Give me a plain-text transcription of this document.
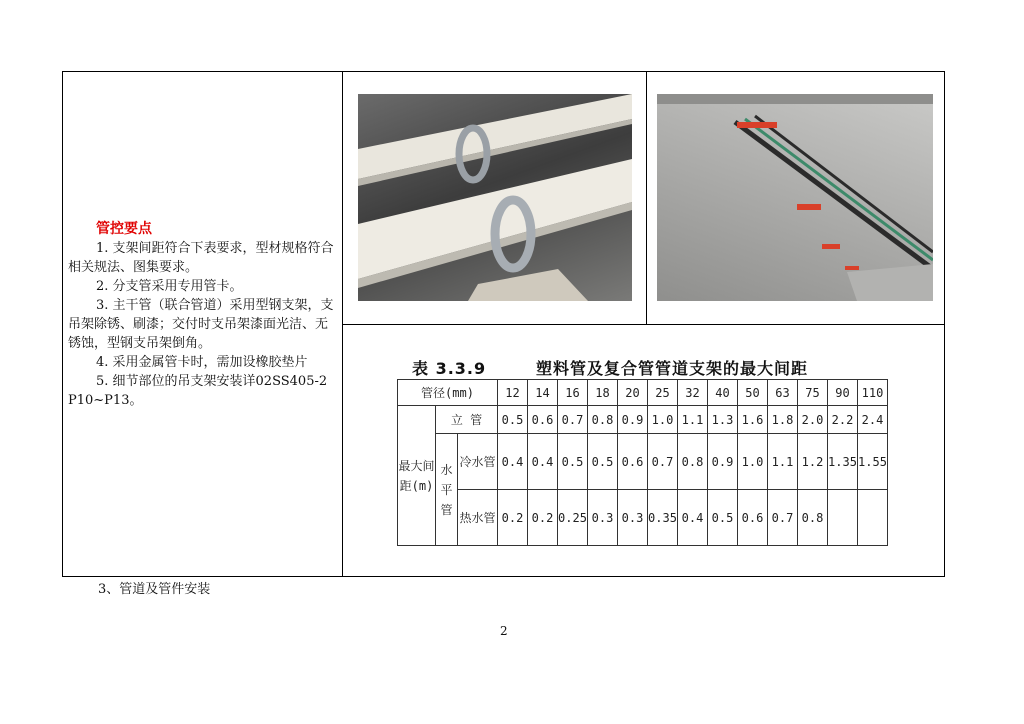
管控要点

1. 支架间距符合下表要求，型材规格符合相关规法、图集要求。

2. 分支管采用专用管卡。

3. 主干管（联合管道）采用型钢支架，支吊架除锈、刷漆；交付时支吊架漆面光洁、无锈蚀，型钢支吊架倒角。

4. 采用金属管卡时，需加设橡胶垫片

5. 细节部位的吊支架安装详02SS405-2 P10~P13。

表 3.3.9	塑料管及复合管管道支架的最大间距
管径(mm)			12	14	16	18	20	25	32	40	50	63	75	90	110
最大间距(m)	立 管		0.5	0.6	0.7	0.8	0.9	1.0	1.1	1.3	1.6	1.8	2.0	2.2	2.4
	水平管	冷水管	0.4	0.4	0.5	0.5	0.6	0.7	0.8	0.9	1.0	1.1	1.2	1.35	1.55
		热水管	0.2	0.2	0.25	0.3	0.3	0.35	0.4	0.5	0.6	0.7	0.8		
3、管道及管件安装
2
